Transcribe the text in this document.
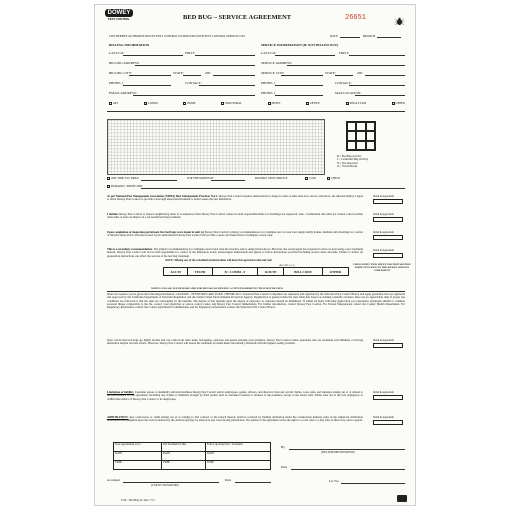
DOWEY
PEST CONTROL	BED BUG – SERVICE AGREEMENT	26651
I/WE HEREBY AUTHORIZE DEWEY PEST CONTROL TO PROCEED WITH PEST CONTROL SERVICES ON:	DATE:	BRANCH
BILLING INFORMATION
LAST/CO:	FIRST:
BILLING ADDRESS:
BILLING CITY:	STATE:	ZIP:
PHONE: (	CONTACT:
EMAIL ADDRESS:
SERVICE INFORMATION (IF NOT BILLED OUT)
LAST/CO:	FIRST:
SERVICE ADDRESS:
SERVICE CITY:	STATE:	ZIP:
PHONE: (	CONTACT:
PHONE: (	MAP LOCATION:
APT	CONDO	HOME	INDUSTRIAL	HOTEL	OFFICE	SINGLE FAM	OTHER
B = Bed Bug Activity
I = Confirmed Bug Activity
N = Not Inspected
O = Vacant Room
ONE TIME SVC PRICE	FOR THE MONTH OF	PAYABLE UPON SERVICE	CASH	CHECK
REMARKS / INSPECTOR:
As per National Pest Management Association (NPMA) Best Management Practices NA 5. Dewey Pest Control requires authorization to inspect rooms or units next door, above, and below, the infested unit(s). I agree to allow Dewey Pest Control to provide a thorough inspection/treatment to better assess the pest infestation.
Initial & Agreement
I decline Dewey Pest Control to inspect neighboring units. It is understood that Dewey Pest Control cannot be held responsible/liable for dwellings not inspected. Also, I understand that units not treated could re-infest other units or have an impact on a successful bed bug treatment.
Initial & Agreement
Upon completion of inspection performed, live bed bugs were found in unit (s) Dewey Pest Control's primary recommendation is to fumigate and /or heat treat single family homes, multiple unit dwellings for control of infested units and/or structures noted. Upon authorization Dewey Pest Control will provide a quote and instructions to fumigate or heat treat.
Initial & Agreement
This is a secondary recommendation. The primary recommendation is to fumigate and/or heat treat the structure and/or unit(s) listed above. However, the owner/agent has requested to have us treat using a spot treatment instead. Dewey Pest Control will not be held responsible for control of the infestation noted. Owner/agent understands and agrees to follow instructions provided including service dates and time. Failure to follow all preparation instructions can affect the success of the bed bug treatment.
Initial & Agreement
NOTE: Missing any of the scheduled treatment dates will deem this agreement null and void.
(BRAND AAA)
ACCT#	TECH#	B = COMM - F	ROUTE	BILL CODE	OTHER
FIELD INSPECTION SHEET AND PREPARATION FORM ATTACHED TO THIS DEWEY SERVICE AGREEMENT
NOTICE: PLEASE SEE REVERSE SIDE FOR DETAILS OF BED BUG ACTIVE INGREDIENTS THAT MAY BE USED
State law requires you be given the following information. CAUTION – PESTICIDES ARE TOXIC CHEMICALS. Structural Pest Control Companies are registered and regulated by the Structural Pest Control Board, and apply pesticides that are registered and approved by the California Department of Pesticide Regulation and the United States Environmental Protection Agency. Registration is granted when the state finds that based on existing scientific evidence there are no appreciable risks if proper use conditions are followed or that the risks are outweighed by the benefits. The degree of risk depends upon the degree of exposure, so exposure should be minimized. If within 24 hours following application you experience symptoms similar to common seasonal illness comparable to the flu, contact your physician or poison control center and Dewey Pest Control immediately. For further information, contact Dewey Pest Control. For Poison Emergencies contact the County Health Department. For Regulatory Information contact the County Agricultural Commissioner and for Regulatory Information contact the Structural Pest Control Board.
Note: Given that bed bugs are highly mobile and can come from other units, belongings, suitcases and guests entering your premises, Dewey Pest Control cannot guarantee that our treatment will eliminate a bed bug infestation despite our best efforts. However, Dewey Pest Control will assure the treatment provided meets the industry standards with the highest quality possible.
Initial & Agreement
Limitation of liability. Customer agrees to indemnify and hold harmless Dewey Pest Control and its employees, agents, officers, and directors from any and all claims, costs, suits, and damages arising out of or related to the performance of this agreement, including any claims or liabilities brought by third parties such as customer's tenants or invitees to the premises, except to the extent such claims arise out of the sole negligence or willful misconduct of Dewey Pest Control or its employees.
Initial & Agreement
ARBITRATION: Any controversy or claim arising out of or relating to this contract or the breach thereof, shall be resolved by binding arbitration under the construction industry rules of the American Arbitration Association and judgment upon the award rendered by the arbitrator(s) may be entered in any court having jurisdiction. The parties to the agreement waive the right to a court trial or a jury trial, in discovery, and to appeal.
Initial & Agreement
Your appointment is for	2nd Treatment is Due	Follow up Inspection / Treatment
DATE:	DATE:	DATE:
TIME:	TIME:	TIME:
By
(FIELD REPRESENTATIVE)
Date
Lic No.
Accepted
(CLIENT SIGNATURE)
Date
F-96 – Bed Bug AC Rev. 7/13
